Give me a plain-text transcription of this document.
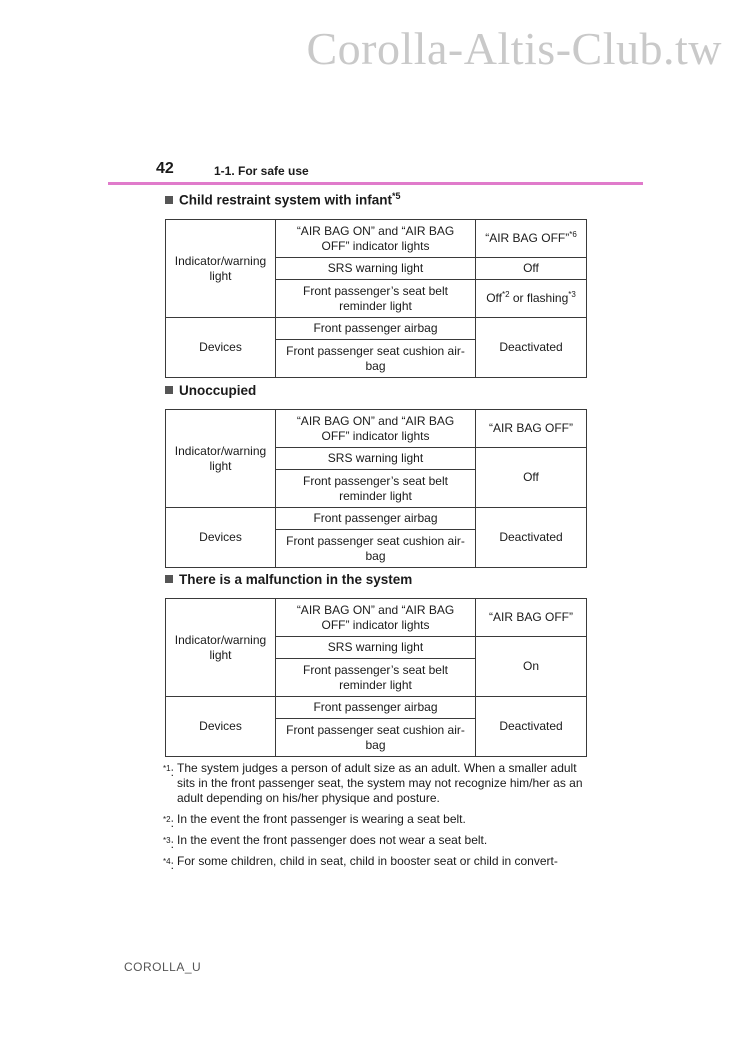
Corolla-Altis-Club.tw
42	1-1. For safe use
Child restraint system with infant$^{*5}$
Indicator/warning light	“AIR BAG ON” and “AIR BAG OFF” indicator lights	“AIR BAG OFF”$^{*6}$
	SRS warning light	Off
	Front passenger’s seat belt reminder light	Off$^{*2}$ or flashing$^{*3}$
Devices	Front passenger airbag	Deactivated
	Front passenger seat cushion air-bag	
Unoccupied
Indicator/warning light	“AIR BAG ON” and “AIR BAG OFF” indicator lights	“AIR BAG OFF”
	SRS warning light	Off
	Front passenger’s seat belt reminder light	
Devices	Front passenger airbag	Deactivated
	Front passenger seat cushion air-bag	
There is a malfunction in the system
Indicator/warning light	“AIR BAG ON” and “AIR BAG OFF” indicator lights	“AIR BAG OFF”
	SRS warning light	On
	Front passenger’s seat belt reminder light	
Devices	Front passenger airbag	Deactivated
	Front passenger seat cushion air-bag	
$^{*1}$: The system judges a person of adult size as an adult. When a smaller adult sits in the front passenger seat, the system may not recognize him/her as an adult depending on his/her physique and posture.
$^{*2}$: In the event the front passenger is wearing a seat belt.
$^{*3}$: In the event the front passenger does not wear a seat belt.
$^{*4}$: For some children, child in seat, child in booster seat or child in convert-
COROLLA_U
